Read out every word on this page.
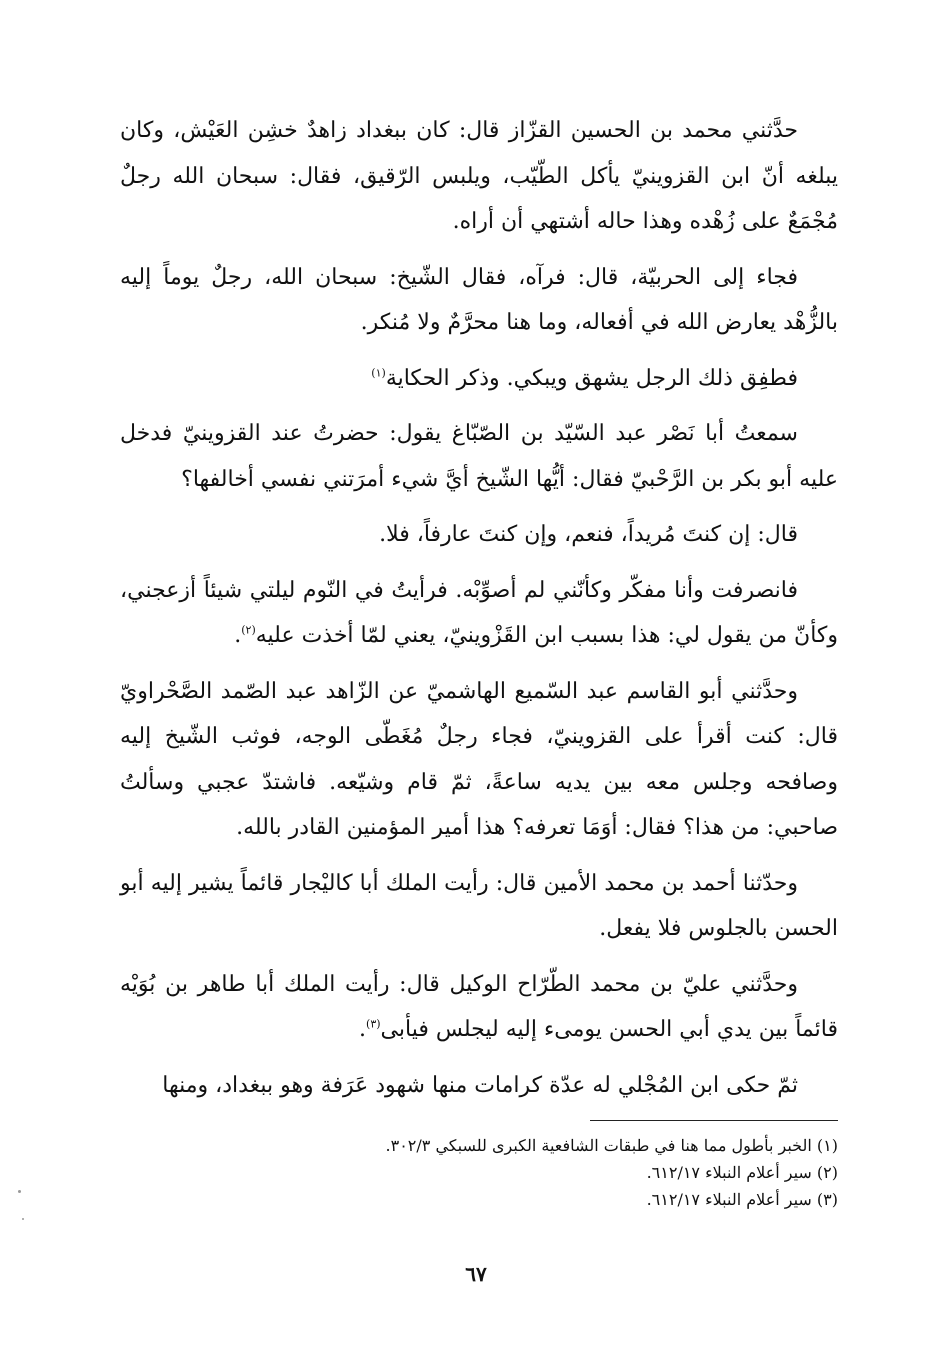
حدَّثني محمد بن الحسين القزّاز قال: كان ببغداد زاهدٌ خشِن العَيْش، وكان يبلغه أنّ ابن القزوينيّ يأكل الطّيّب، ويلبس الرّقيق، فقال: سبحان الله رجلٌ مُجْمَعٌ على زُهْده وهذا حاله أشتهي أن أراه.

فجاء إلى الحربيّة، قال: فرآه، فقال الشّيخ: سبحان الله، رجلٌ يوماً إليه بالزُّهْد يعارض الله في أفعاله، وما هنا محرَّمٌ ولا مُنكر.

فطفِق ذلك الرجل يشهق ويبكي. وذكر الحكاية$^{(١)}$

سمعتُ أبا نَصْر عبد السّيّد بن الصّبّاغ يقول: حضرتُ عند القزوينيّ فدخل عليه أبو بكر بن الرَّحْبيّ فقال: أيُّها الشّيخ أيَّ شيء أمرَتني نفسي أخالفها؟

قال: إن كنتَ مُريداً، فنعم، وإن كنتَ عارفاً، فلا.

فانصرفت وأنا مفكّر وكأنّني لم أصوِّبْه. فرأيتُ في النّوم ليلتي شيئاً أزعجني، وكأنّ من يقول لي: هذا بسبب ابن القَزْوينيّ، يعني لمّا أخذت عليه$^{(٢)}$.

وحدَّثني أبو القاسم عبد السّميع الهاشميّ عن الزّاهد عبد الصّمد الصَّحْراويّ قال: كنت أقرأ على القزوينيّ، فجاء رجلٌ مُغَطّى الوجه، فوثب الشّيخ إليه وصافحه وجلس معه بين يديه ساعةً، ثمّ قام وشيّعه. فاشتدّ عجبي وسألتُ صاحبي: من هذا؟ فقال: أوَمَا تعرفه؟ هذا أمير المؤمنين القادر بالله.

وحدّثنا أحمد بن محمد الأمين قال: رأيت الملك أبا كاليْجار قائماً يشير إليه أبو الحسن بالجلوس فلا يفعل.

وحدَّثني عليّ بن محمد الطّرّاح الوكيل قال: رأيت الملك أبا طاهر بن بُوَيْه قائماً بين يدي أبي الحسن يومىء إليه ليجلس فيأبى$^{(٣)}$.

ثمّ حكى ابن المُجْلي له عدّة كرامات منها شهود عَرَفة وهو ببغداد، ومنها

(١) الخبر بأطول مما هنا في طبقات الشافعية الكبرى للسبكي ٣٠٢/٣.

(٢) سير أعلام النبلاء ٦١٢/١٧.

(٣) سير أعلام النبلاء ٦١٢/١٧.

٦٧
